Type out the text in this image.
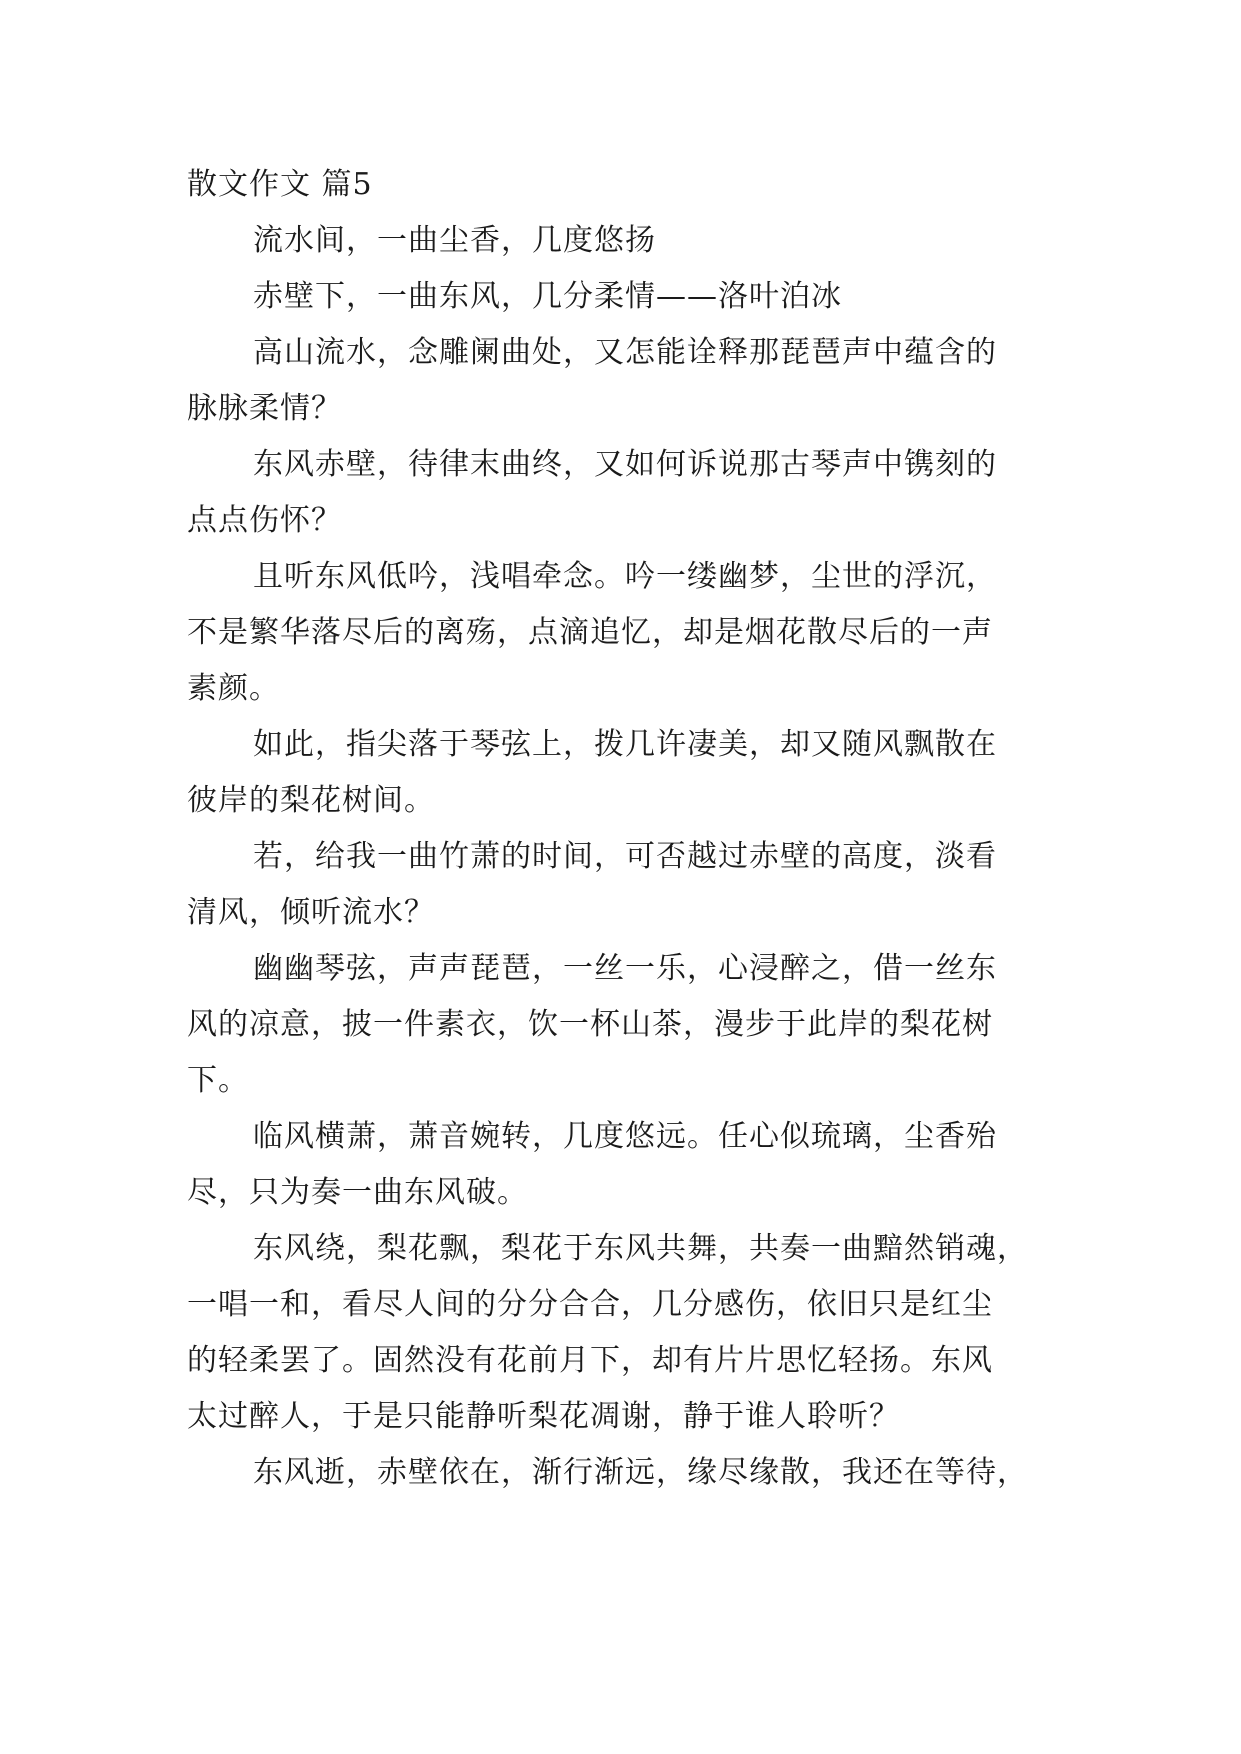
散文作文 篇5
流水间，一曲尘香，几度悠扬
赤壁下，一曲东风，几分柔情——洛叶泊冰
高山流水，念雕阑曲处，又怎能诠释那琵琶声中蕴含的
脉脉柔情？
东风赤壁，待律末曲终，又如何诉说那古琴声中镌刻的
点点伤怀？
且听东风低吟，浅唱牵念。吟一缕幽梦，尘世的浮沉，
不是繁华落尽后的离殇，点滴追忆，却是烟花散尽后的一声
素颜。
如此，指尖落于琴弦上，拨几许凄美，却又随风飘散在
彼岸的梨花树间。
若，给我一曲竹萧的时间，可否越过赤壁的高度，淡看
清风，倾听流水？
幽幽琴弦，声声琵琶，一丝一乐，心浸醉之，借一丝东
风的凉意，披一件素衣，饮一杯山茶，漫步于此岸的梨花树
下。
临风横萧，萧音婉转，几度悠远。任心似琉璃，尘香殆
尽，只为奏一曲东风破。
东风绕，梨花飘，梨花于东风共舞，共奏一曲黯然销魂，
一唱一和，看尽人间的分分合合，几分感伤，依旧只是红尘
的轻柔罢了。固然没有花前月下，却有片片思忆轻扬。东风
太过醉人，于是只能静听梨花凋谢，静于谁人聆听？
东风逝，赤壁依在，渐行渐远，缘尽缘散，我还在等待，
